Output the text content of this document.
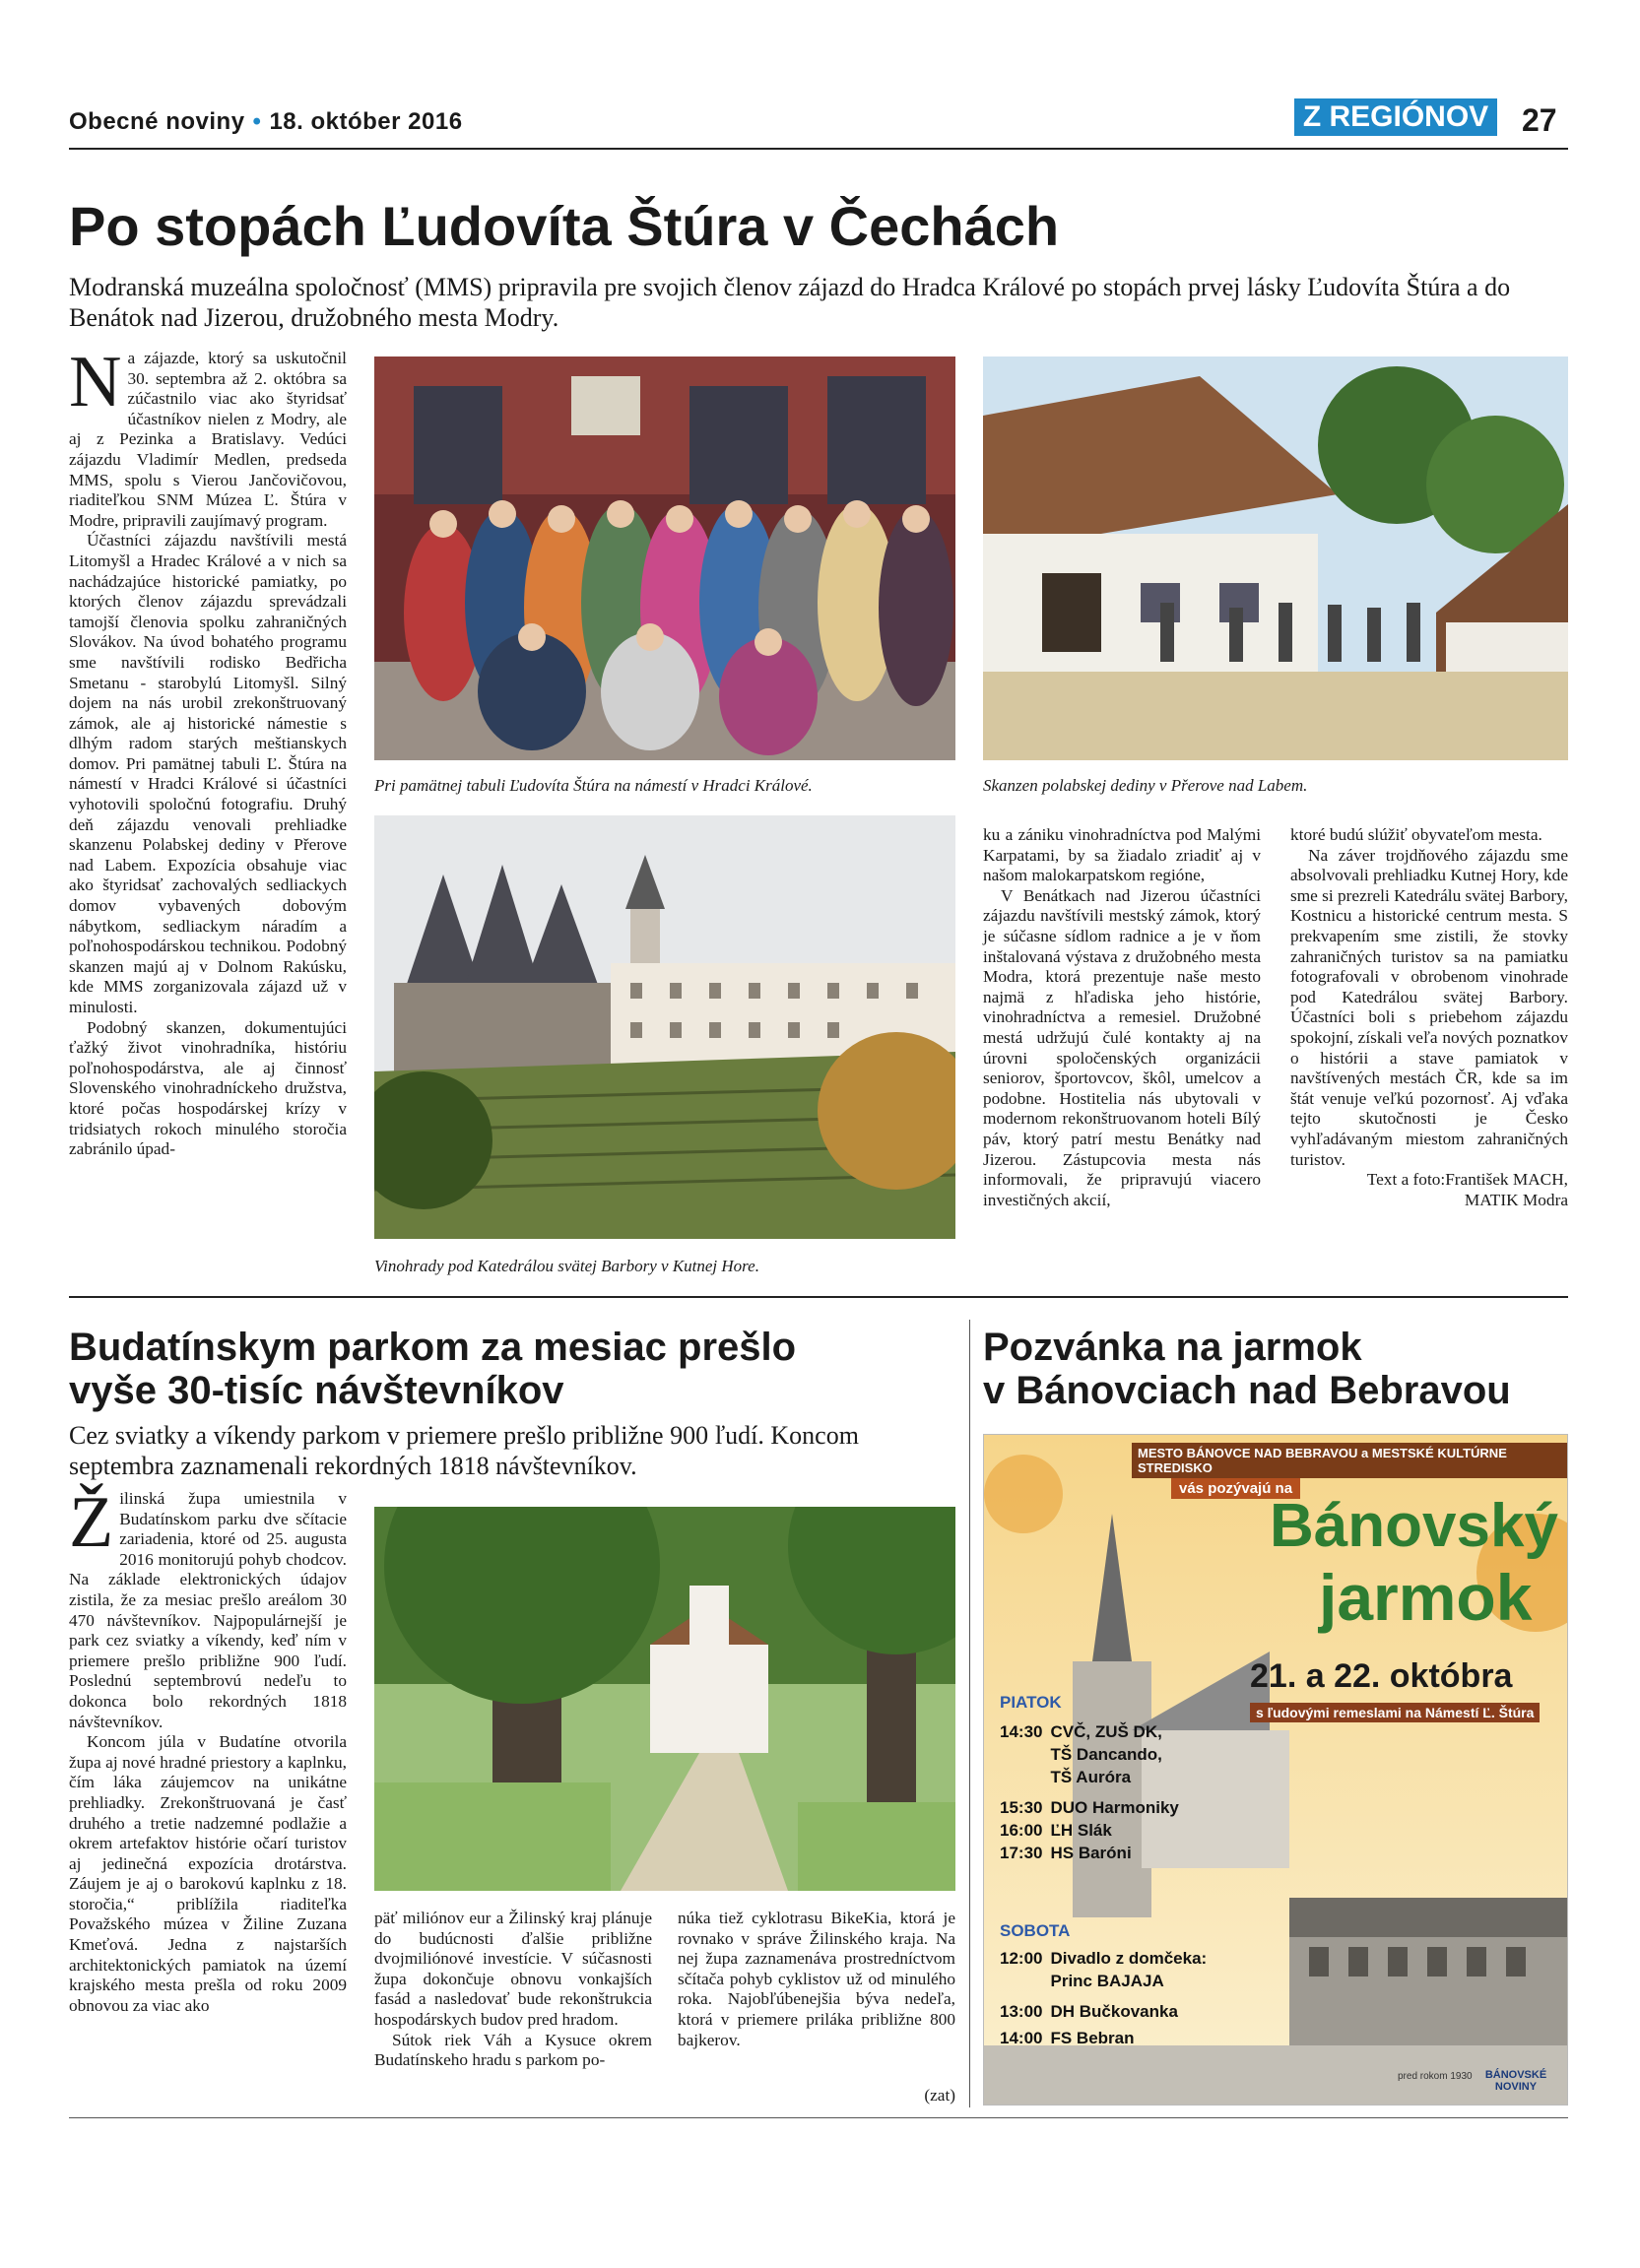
Obecné noviny • 18. október 2016	Z REGIÓNOV 27
Po stopách Ľudovíta Štúra v Čechách
Modranská muzeálna spoločnosť (MMS) pripravila pre svojich členov zájazd do Hradca Králové po stopách prvej lásky Ľudovíta Štúra a do Benátok nad Jizerou, družobného mesta Modry.
N a zájazde, ktorý sa uskutočnil 30. septembra až 2. októbra sa zúčastnilo viac ako štyridsať účastníkov nielen z Modry, ale aj z Pezinka a Bratislavy. Vedúci zájazdu Vladimír Medlen, predseda MMS, spolu s Vierou Jančovičovou, riaditeľkou SNM Múzea Ľ. Štúra v Modre, pripravili zaujímavý program.

Účastníci zájazdu navštívili mestá Litomyšl a Hradec Králové a v nich sa nachádzajúce historické pamiatky, po ktorých členov zájazdu sprevádzali tamojší členovia spolku zahraničných Slovákov. Na úvod bohatého programu sme navštívili rodisko Bedřicha Smetanu - starobylú Litomyšl. Silný dojem na nás urobil zrekonštruovaný zámok, ale aj historické námestie s dlhým radom starých meštianskych domov. Pri pamätnej tabuli Ľ. Štúra na námestí v Hradci Králové si účastníci vyhotovili spoločnú fotografiu. Druhý deň zájazdu venovali prehliadke skanzenu Polabskej dediny v Přerove nad Labem. Expozícia obsahuje viac ako štyridsať zachovalých sedliackych domov vybavených dobovým nábytkom, sedliackym náradím a poľnohospodárskou technikou. Podobný skanzen majú aj v Dolnom Rakúsku, kde MMS zorganizovala zájazd už v minulosti.

Podobný skanzen, dokumentujúci ťažký život vinohradníka, históriu poľnohospodárstva, ale aj činnosť Slovenského vinohradníckeho družstva, ktoré počas hospodárskej krízy v tridsiatych rokoch minulého storočia zabránilo úpad-

Pri pamätnej tabuli Ľudovíta Štúra na námestí v Hradci Králové.	Skanzen polabskej dediny v Přerove nad Labem.
Vinohrady pod Katedrálou svätej Barbory v Kutnej Hore.

ku a zániku vinohradníctva pod Malými Karpatami, by sa žiadalo zriadiť aj v našom malokarpatskom regióne,

V Benátkach nad Jizerou účastníci zájazdu navštívili mestský zámok, ktorý je súčasne sídlom radnice a je v ňom inštalovaná výstava z družobného mesta Modra, ktorá prezentuje naše mesto najmä z hľadiska jeho histórie, vinohradníctva a remesiel. Družobné mestá udržujú čulé kontakty aj na úrovni spoločenských organizácii seniorov, športovcov, škôl, umelcov a podobne. Hostitelia nás ubytovali v modernom rekonštruovanom hoteli Bílý páv, ktorý patrí mestu Benátky nad Jizerou. Zástupcovia mesta nás informovali, že pripravujú viacero investičných akcií,

ktoré budú slúžiť obyvateľom mesta.

Na záver trojdňového zájazdu sme absolvovali prehliadku Kutnej Hory, kde sme si prezreli Katedrálu svätej Barbory, Kostnicu a historické centrum mesta. S prekvapením sme zistili, že stovky zahraničných turistov sa na pamiatku fotografovali v obrobenom vinohrade pod Katedrálou svätej Barbory. Účastníci boli s priebehom zájazdu spokojní, získali veľa nových poznatkov o histórii a stave pamiatok v navštívených mestách ČR, kde sa im štát venuje veľkú pozornosť. Aj vďaka tejto skutočnosti je Česko vyhľadávaným miestom zahraničných turistov.

Text a foto:František MACH,
MATIK Modra
Budatínskym parkom za mesiac prešlo
vyše 30-tisíc návštevníkov
Cez sviatky a víkendy parkom v priemere prešlo približne 900 ľudí. Koncom septembra zaznamenali rekordných 1818 návštevníkov.
Ž ilinská župa umiestnila v Budatínskom parku dve sčítacie zariadenia, ktoré od 25. augusta 2016 monitorujú pohyb chodcov. Na základe elektronických údajov zistila, že za mesiac prešlo areálom 30 470 návštevníkov. Najpopulárnejší je park cez sviatky a víkendy, keď ním v priemere prešlo približne 900 ľudí. Poslednú septembrovú nedeľu to dokonca bolo rekordných 1818 návštevníkov.

Koncom júla v Budatíne otvorila župa aj nové hradné priestory a kaplnku, čím láka záujemcov na unikátne prehliadky. Zrekonštruovaná je časť druhého a tretie nadzemné podlažie a okrem artefaktov histórie očarí turistov aj jedinečná expozícia drotárstva. Záujem je aj o barokovú kaplnku z 18. storočia,“ priblížila riaditeľka Považského múzea v Žiline Zuzana Kmeťová. Jedna z najstarších architektonických pamiatok na území krajského mesta prešla od roku 2009 obnovou za viac ako

päť miliónov eur a Žilinský kraj plánuje do budúcnosti ďalšie približne dvojmiliónové investície. V súčasnosti župa dokončuje obnovu vonkajších fasád a nasledovať bude rekonštrukcia hospodárskych budov pred hradom.

Sútok riek Váh a Kysuce okrem Budatínskeho hradu s parkom po-

núka tiež cyklotrasu BikeKia, ktorá je rovnako v správe Žilinského kraja. Na nej župa zaznamenáva prostredníctvom sčítača pohyb cyklistov už od minulého roka. Najobľúbenejšia býva nedeľa, ktorá v priemere priláka približne 800 bajkerov.

(zat)
Pozvánka na jarmok
v Bánovciach nad Bebravou
MESTO BÁNOVCE NAD BEBRAVOU a MESTSKÉ KULTÚRNE STREDISKO
vás pozývajú na
Bánovský
jarmok
21. a 22. októbra
s ľudovými remeslami na Námestí Ľ. Štúra
PIATOK
14:30 CVČ, ZUŠ DK,
TŠ Dancando,
TŠ Auróra
15:30 DUO Harmoniky
16:00 ĽH Slák
17:30 HS Baróni
SOBOTA
12:00 Divadlo z domčeka:
Princ BAJAJA
13:00 DH Bučkovanka
14:00 FS Bebran
pred rokom 1930	BÁNOVSKÉ NOVINY
